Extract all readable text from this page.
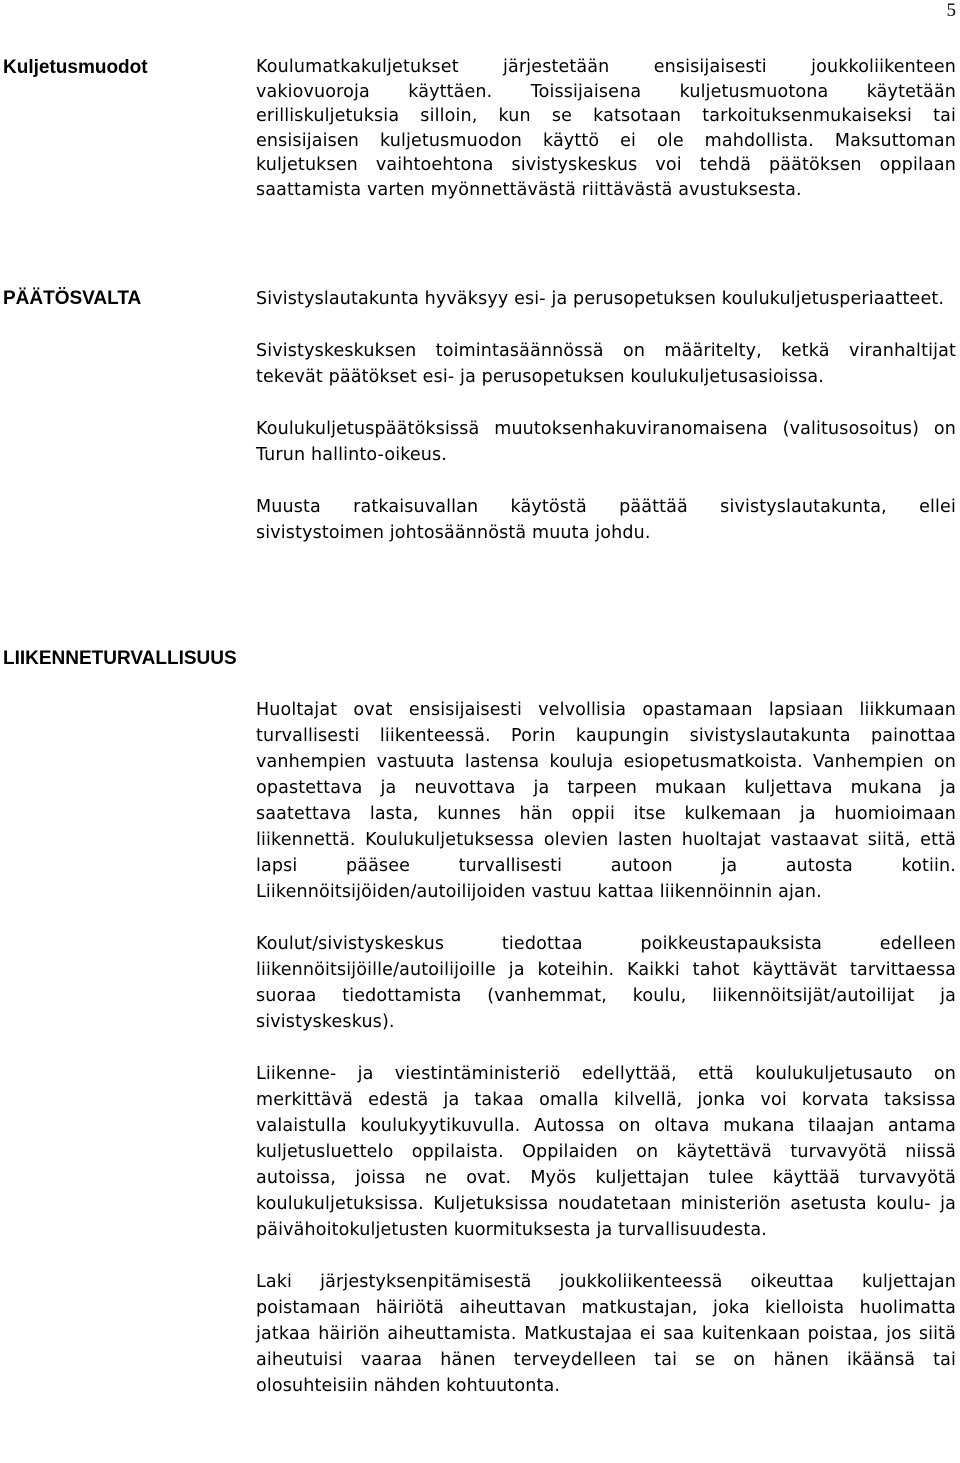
5
Kuljetusmuodot	Koulumatkakuljetukset järjestetään ensisijaisesti joukkoliikenteen vakiovuoroja käyttäen. Toissijaisena kuljetusmuotona käytetään erilliskuljetuksia silloin, kun se katsotaan tarkoituksenmukaiseksi tai ensisijaisen kuljetusmuodon käyttö ei ole mahdollista. Maksuttoman kuljetuksen vaihtoehtona sivistyskeskus voi tehdä päätöksen oppilaan saattamista varten myönnettävästä riittävästä avustuksesta.

PÄÄTÖSVALTA	Sivistyslautakunta hyväksyy esi- ja perusopetuksen koulukuljetusperiaatteet.

Sivistyskeskuksen toimintasäännössä on määritelty, ketkä viranhaltijat tekevät päätökset esi- ja perusopetuksen koulukuljetusasioissa.

Koulukuljetuspäätöksissä muutoksenhakuviranomaisena (valitusosoitus) on Turun hallinto-oikeus.

Muusta ratkaisuvallan käytöstä päättää sivistyslautakunta, ellei sivistystoimen johtosäännöstä muuta johdu.

LIIKENNETURVALLISUUS

Huoltajat ovat ensisijaisesti velvollisia opastamaan lapsiaan liikkumaan turvallisesti liikenteessä. Porin kaupungin sivistyslautakunta painottaa vanhempien vastuuta lastensa kouluja esiopetusmatkoista. Vanhempien on opastettava ja neuvottava ja tarpeen mukaan kuljettava mukana ja saatettava lasta, kunnes hän oppii itse kulkemaan ja huomioimaan liikennettä. Koulukuljetuksessa olevien lasten huoltajat vastaavat siitä, että lapsi pääsee turvallisesti autoon ja autosta kotiin. Liikennöitsijöiden/autoilijoiden vastuu kattaa liikennöinnin ajan.

Koulut/sivistyskeskus tiedottaa poikkeustapauksista edelleen liikennöitsijöille/autoilijoille ja koteihin. Kaikki tahot käyttävät tarvittaessa suoraa tiedottamista (vanhemmat, koulu, liikennöitsijät/autoilijat ja sivistyskeskus).

Liikenne- ja viestintäministeriö edellyttää, että koulukuljetusauto on merkittävä edestä ja takaa omalla kilvellä, jonka voi korvata taksissa valaistulla koulukyytikuvulla. Autossa on oltava mukana tilaajan antama kuljetusluettelo oppilaista. Oppilaiden on käytettävä turvavyötä niissä autoissa, joissa ne ovat. Myös kuljettajan tulee käyttää turvavyötä koulukuljetuksissa. Kuljetuksissa noudatetaan ministeriön asetusta koulu- ja päivähoitokuljetusten kuormituksesta ja turvallisuudesta.

Laki järjestyksenpitämisestä joukkoliikenteessä oikeuttaa kuljettajan poistamaan häiriötä aiheuttavan matkustajan, joka kielloista huolimatta jatkaa häiriön aiheuttamista. Matkustajaa ei saa kuitenkaan poistaa, jos siitä aiheutuisi vaaraa hänen terveydelleen tai se on hänen ikäänsä tai olosuhteisiin nähden kohtuutonta.
